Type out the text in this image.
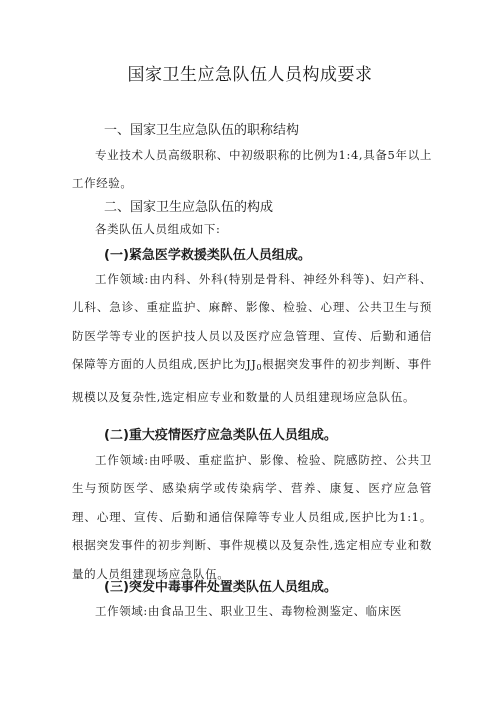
国家卫生应急队伍人员构成要求
一、国家卫生应急队伍的职称结构
专业技术人员高级职称、中初级职称的比例为1:4,具备5年以上工作经验。
二、国家卫生应急队伍的构成
各类队伍人员组成如下:
(一)紧急医学救援类队伍人员组成。
工作领域:由内科、外科(特别是骨科、神经外科等)、妇产科、儿科、急诊、重症监护、麻醉、影像、检验、心理、公共卫生与预防医学等专业的医护技人员以及医疗应急管理、宣传、后勤和通信保障等方面的人员组成,医护比为$JJ_0$根据突发事件的初步判断、事件规模以及复杂性,选定相应专业和数量的人员组建现场应急队伍。
(二)重大疫情医疗应急类队伍人员组成。
工作领域:由呼吸、重症监护、影像、检验、院感防控、公共卫生与预防医学、感染病学或传染病学、营养、康复、医疗应急管理、心理、宣传、后勤和通信保障等专业人员组成,医护比为1:1。根据突发事件的初步判断、事件规模以及复杂性,选定相应专业和数量的人员组建现场应急队伍。
(三)突发中毒事件处置类队伍人员组成。
工作领域:由食品卫生、职业卫生、毒物检测鉴定、临床医
